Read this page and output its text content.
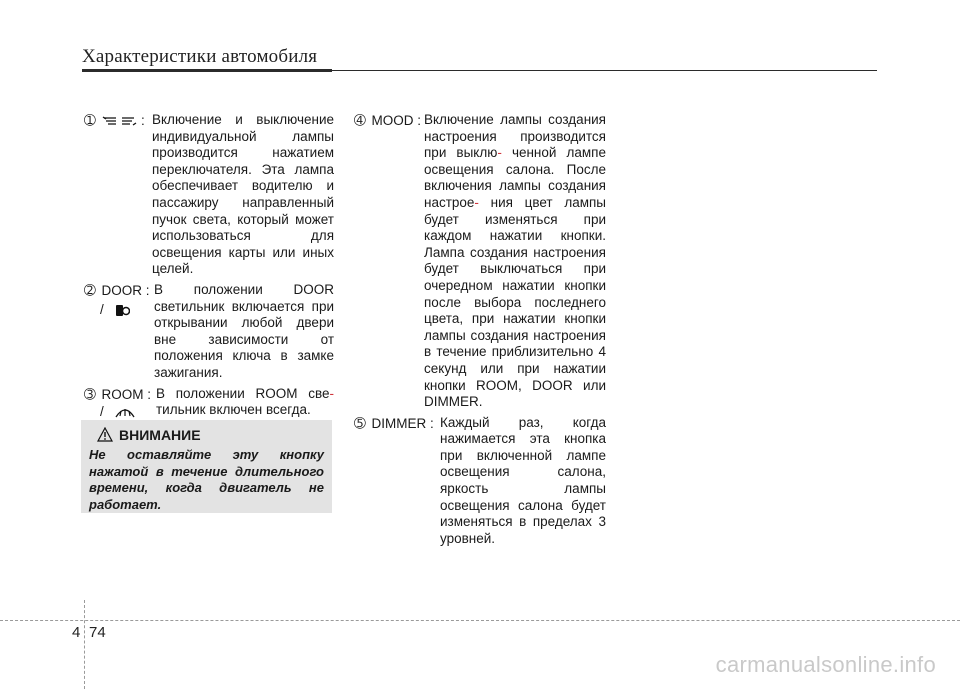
Характеристики автомобиля
➀	: Включение и выключение индивидуальной лампы производится нажатием переключателя. Эта лампа обеспечивает водителю и пассажиру направленный пучок света, который может использоваться для освещения карты или иных целей.
➁ DOOR :
/
В положении DOOR светильник включается при открывании любой двери вне зависимости от положения ключа в замке зажигания.
➂ ROOM :
/
В положении ROOM све- тильник включен всегда.
ВНИМАНИЕ
Не оставляйте эту кнопку нажатой в течение длительного времени, когда двигатель не работает.
➃ MOOD : Включение лампы создания настроения производится при выклю- ченной лампе освещения салона. После включения лампы создания настрое- ния цвет лампы будет изменяться при каждом нажатии кнопки. Лампа создания настроения будет выключаться при очередном нажатии кнопки после выбора последнего цвета, при нажатии кнопки лампы создания настроения в течение приблизительно 4 секунд или при нажатии кнопки ROOM, DOOR или DIMMER.
➄ DIMMER : Каждый раз, когда нажимается эта кнопка при включенной лампе освещения салона, яркость лампы освещения салона будет изменяться в пределах 3 уровней.
4 74
carmanualsonline.info
